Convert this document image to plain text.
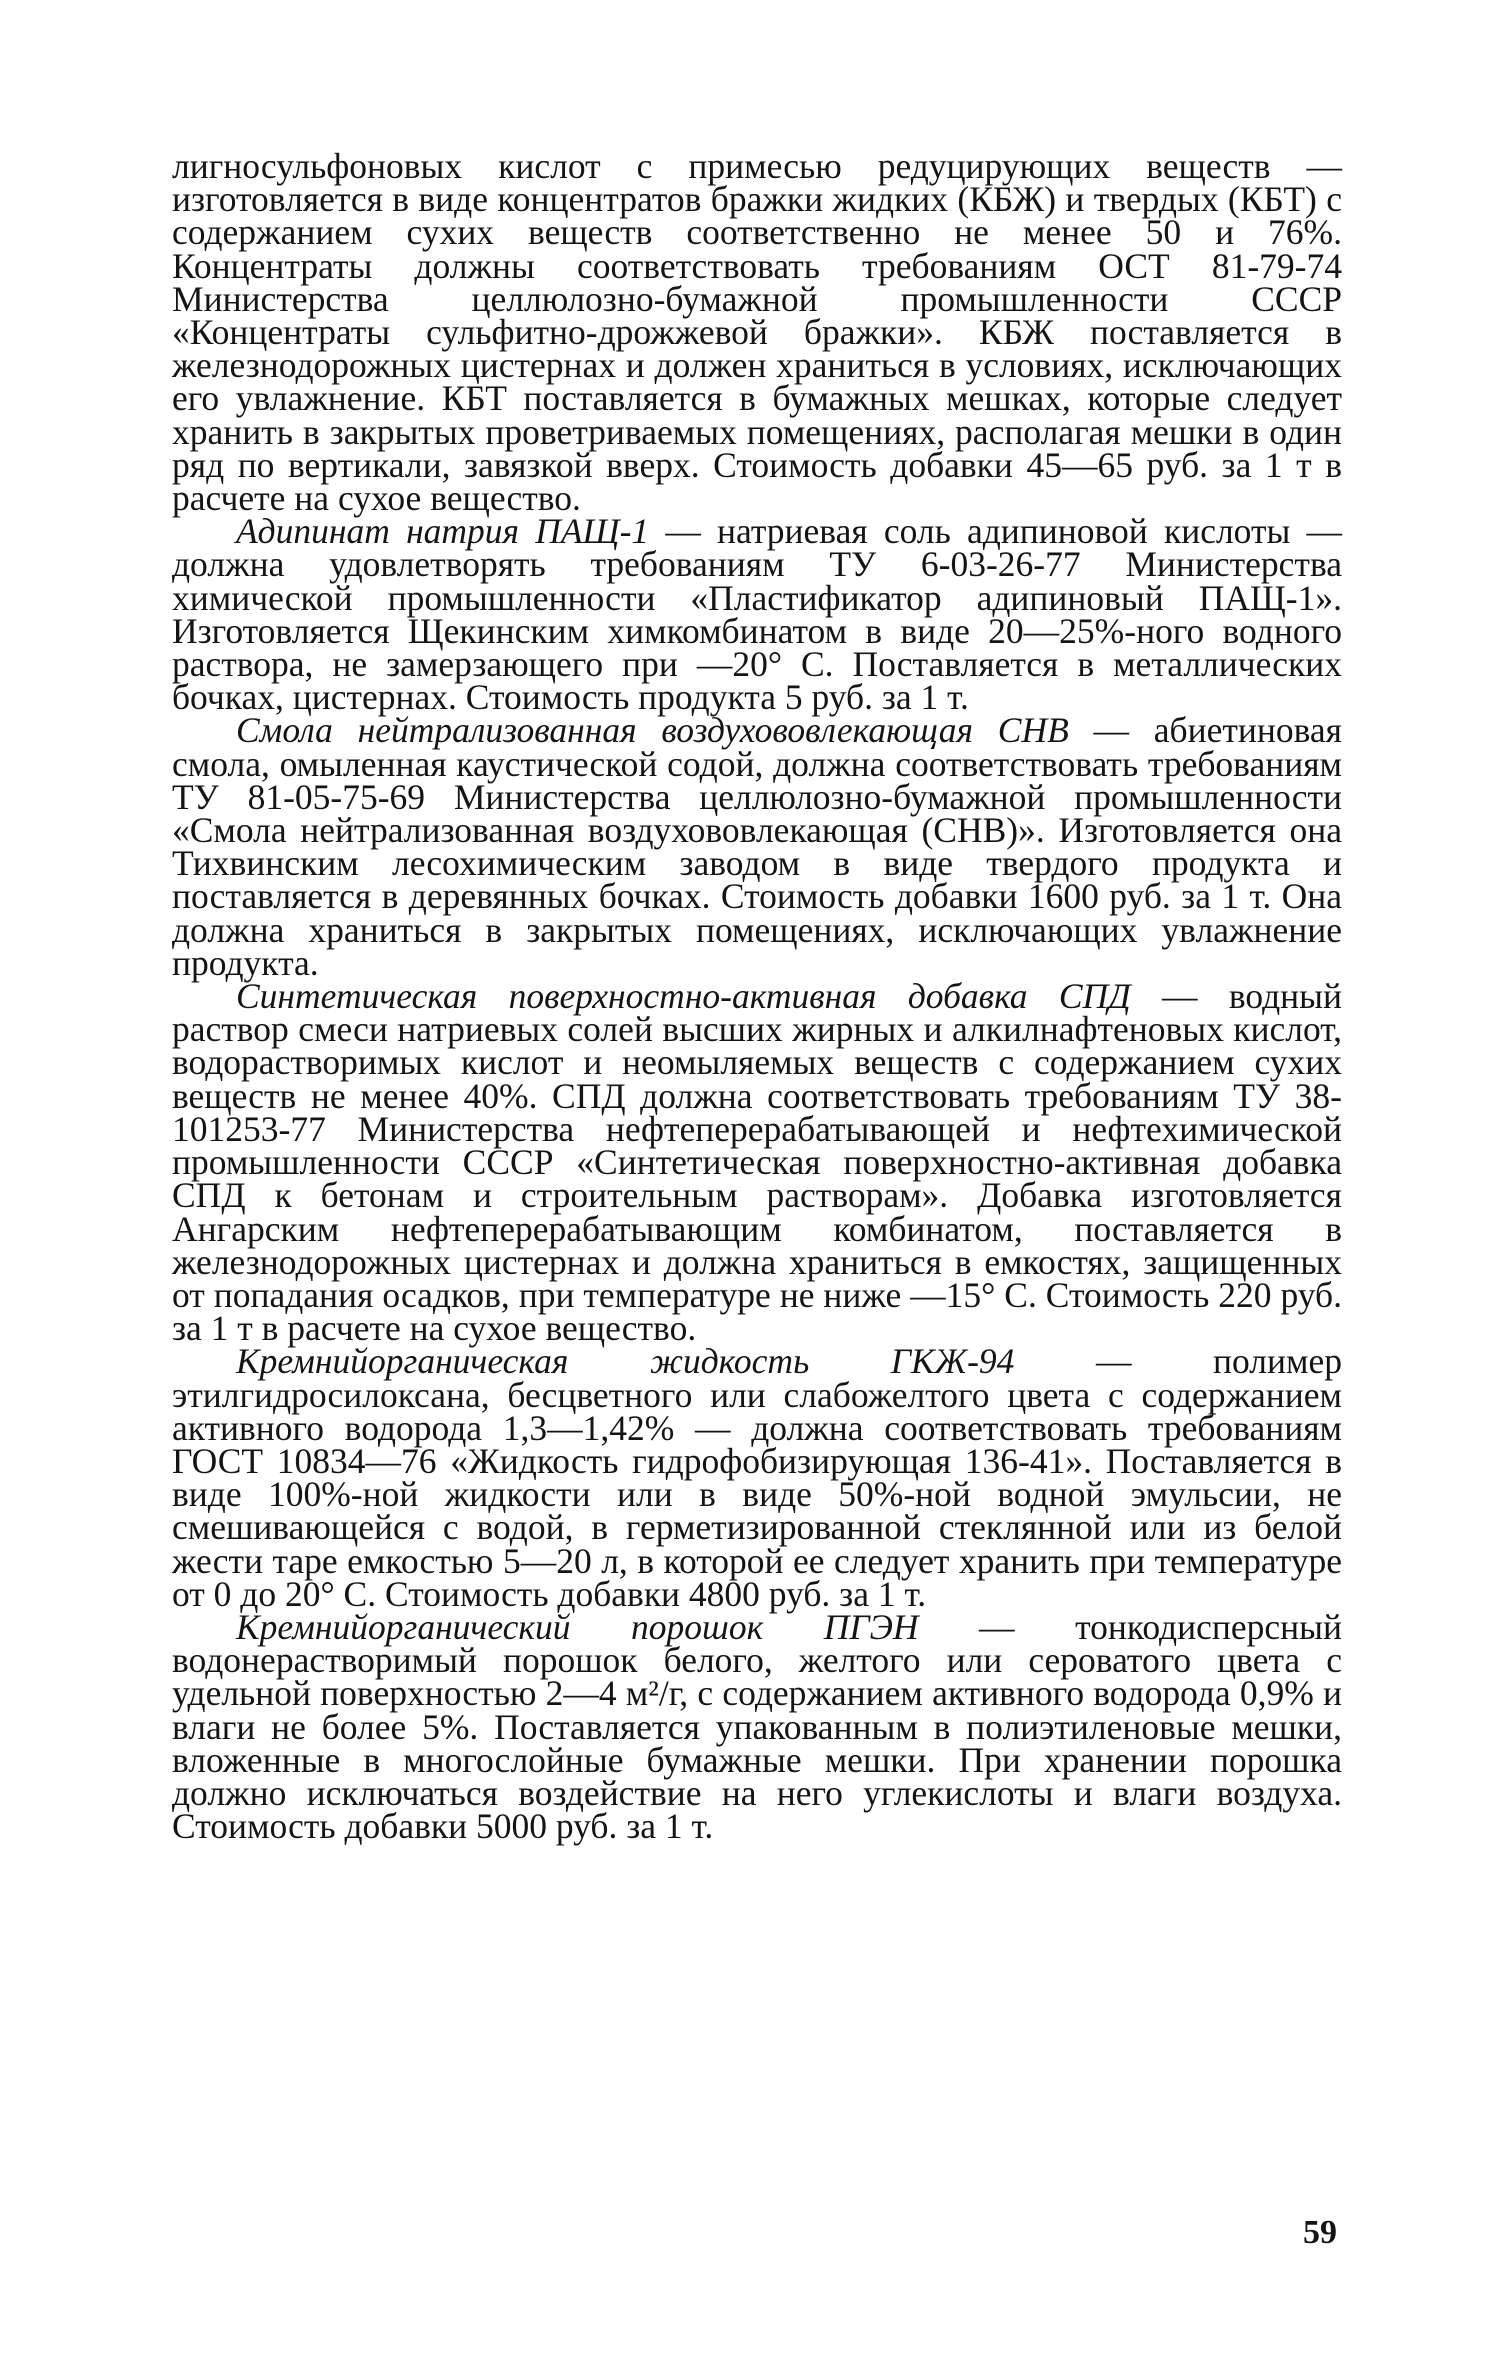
лигносульфоновых кислот с примесью редуцирующих веществ — изготовляется в виде концентратов бражки жидких (КБЖ) и твердых (КБТ) с содержанием сухих веществ соответственно не менее 50 и 76%. Концентраты должны соответствовать требованиям ОСТ 81-79-74 Министерства целлюлозно-бумажной промышленности СССР «Концентраты сульфитно-дрожжевой бражки». КБЖ поставляется в железнодорожных цистернах и должен храниться в условиях, исключающих его увлажнение. КБТ поставляется в бумажных мешках, которые следует хранить в закрытых проветриваемых помещениях, располагая мешки в один ряд по вертикали, завязкой вверх. Стоимость добавки 45—65 руб. за 1 т в расчете на сухое вещество.

Адипинат натрия ПАЩ-1 — натриевая соль адипиновой кислоты — должна удовлетворять требованиям ТУ 6-03-26-77 Министерства химической промышленности «Пластификатор адипиновый ПАЩ-1». Изготовляется Щекинским химкомбинатом в виде 20—25%-ного водного раствора, не замерзающего при —20° С. Поставляется в металлических бочках, цистернах. Стоимость продукта 5 руб. за 1 т.

Смола нейтрализованная воздухововлекающая СНВ — абиетиновая смола, омыленная каустической содой, должна соответствовать требованиям ТУ 81-05-75-69 Министерства целлюлозно-бумажной промышленности «Смола нейтрализованная воздухововлекающая (СНВ)». Изготовляется она Тихвинским лесохимическим заводом в виде твердого продукта и поставляется в деревянных бочках. Стоимость добавки 1600 руб. за 1 т. Она должна храниться в закрытых помещениях, исключающих увлажнение продукта.

Синтетическая поверхностно-активная добавка СПД — водный раствор смеси натриевых солей высших жирных и алкилнафтеновых кислот, водорастворимых кислот и неомыляемых веществ с содержанием сухих веществ не менее 40%. СПД должна соответствовать требованиям ТУ 38-101253-77 Министерства нефтеперерабатывающей и нефтехимической промышленности СССР «Синтетическая поверхностно-активная добавка СПД к бетонам и строительным растворам». Добавка изготовляется Ангарским нефтеперерабатывающим комбинатом, поставляется в железнодорожных цистернах и должна храниться в емкостях, защищенных от попадания осадков, при температуре не ниже —15° С. Стоимость 220 руб. за 1 т в расчете на сухое вещество.

Кремнийорганическая жидкость ГКЖ-94 — полимер этилгидросилоксана, бесцветного или слабожелтого цвета с содержанием активного водорода 1,3—1,42% — должна соответствовать требованиям ГОСТ 10834—76 «Жидкость гидрофобизирующая 136-41». Поставляется в виде 100%-ной жидкости или в виде 50%-ной водной эмульсии, не смешивающейся с водой, в герметизированной стеклянной или из белой жести таре емкостью 5—20 л, в которой ее следует хранить при температуре от 0 до 20° С. Стоимость добавки 4800 руб. за 1 т.

Кремнийорганический порошок ПГЭН — тонкодисперсный водонерастворимый порошок белого, желтого или сероватого цвета с удельной поверхностью 2—4 м²/г, с содержанием активного водорода 0,9% и влаги не более 5%. Поставляется упакованным в полиэтиленовые мешки, вложенные в многослойные бумажные мешки. При хранении порошка должно исключаться воздействие на него углекислоты и влаги воздуха. Стоимость добавки 5000 руб. за 1 т.

59
